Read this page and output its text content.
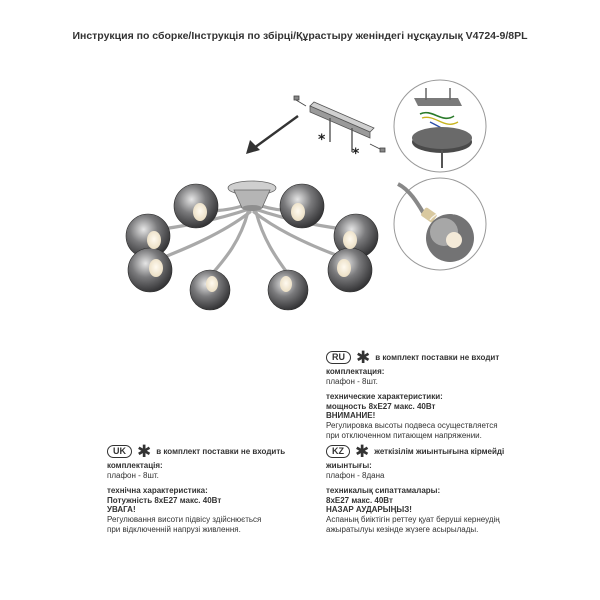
Инструкция по сборке/Інструкція по збірці/Құрастыру женіндегі нұсқаулық V4724-9/8PL
*
*
RU ✱ в комплект поставки не входит
комплектация:
плафон - 8шт.
технические характеристики:
мощность 8хЕ27 макс. 40Вт
ВНИМАНИЕ!
Регулировка высоты подвеса осуществляется
при отключенном питающем напряжении.
UK ✱ в комплект поставки не входить
комплектація:
плафон - 8шт.
технічна характеристика:
Потужність 8хЕ27 макс. 40Вт
УВАГА!
Регулювання висоти підвісу здійснюється
при відключенній напрузі живлення.
KZ ✱ жеткізілім жиынтығына кірмейді
жиынтығы:
плафон - 8дана
техникалық сипаттамалары:
8хЕ27 макс. 40Вт
НАЗАР АУДАРЫҢЫЗ!
Аспаның биіктігін реттеу қуат беруші кернеудің
ажыратылуы кезінде жүзеге асырылады.
